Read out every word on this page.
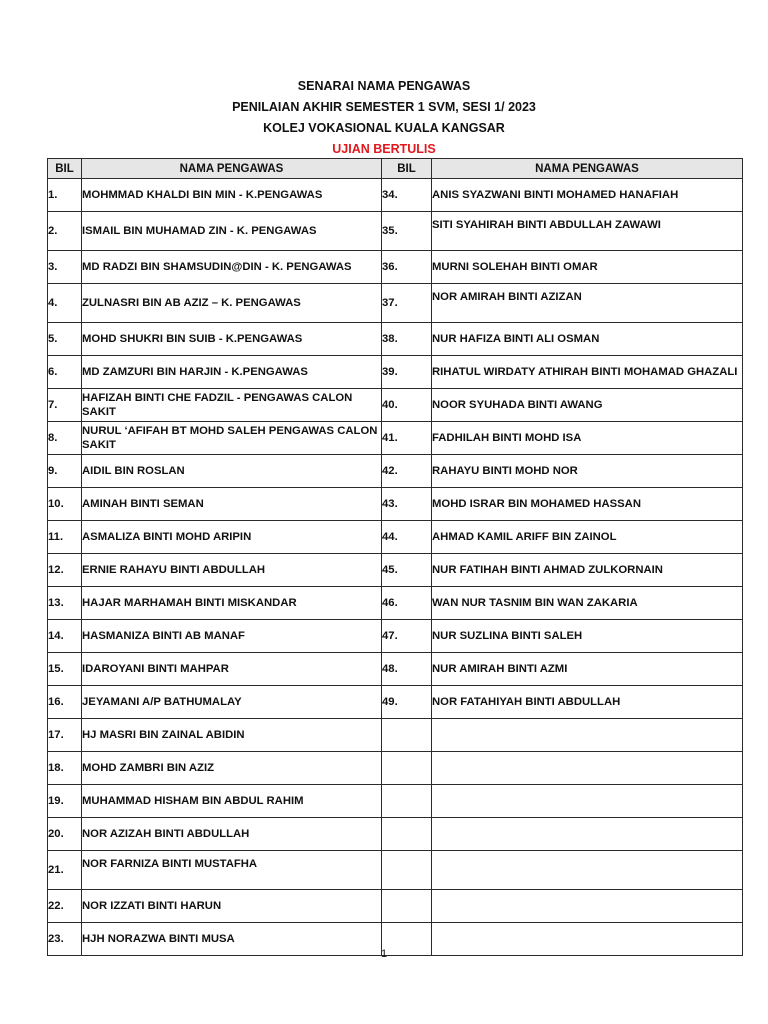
SENARAI NAMA PENGAWAS
PENILAIAN AKHIR SEMESTER 1 SVM, SESI 1/ 2023
KOLEJ VOKASIONAL KUALA KANGSAR
UJIAN BERTULIS
BIL	NAMA PENGAWAS	BIL	NAMA PENGAWAS
1.	MOHMMAD KHALDI BIN MIN - K.PENGAWAS	34.	ANIS SYAZWANI BINTI MOHAMED HANAFIAH
2.	ISMAIL BIN MUHAMAD ZIN - K. PENGAWAS	35.	SITI SYAHIRAH BINTI ABDULLAH ZAWAWI
3.	MD RADZI BIN SHAMSUDIN@DIN - K. PENGAWAS	36.	MURNI SOLEHAH BINTI OMAR
4.	ZULNASRI BIN AB AZIZ – K. PENGAWAS	37.	NOR AMIRAH BINTI AZIZAN
5.	MOHD SHUKRI BIN SUIB - K.PENGAWAS	38.	NUR HAFIZA BINTI ALI OSMAN
6.	MD ZAMZURI BIN HARJIN - K.PENGAWAS	39.	RIHATUL WIRDATY ATHIRAH BINTI MOHAMAD GHAZALI
7.	HAFIZAH BINTI CHE FADZIL - PENGAWAS CALON SAKIT	40.	NOOR SYUHADA BINTI AWANG
8.	NURUL ‘AFIFAH BT MOHD SALEH PENGAWAS CALON SAKIT	41.	FADHILAH BINTI MOHD ISA
9.	AIDIL BIN ROSLAN	42.	RAHAYU BINTI MOHD NOR
10.	AMINAH BINTI SEMAN	43.	MOHD ISRAR BIN MOHAMED HASSAN
11.	ASMALIZA BINTI MOHD ARIPIN	44.	AHMAD KAMIL ARIFF BIN ZAINOL
12.	ERNIE RAHAYU BINTI ABDULLAH	45.	NUR FATIHAH BINTI AHMAD ZULKORNAIN
13.	HAJAR MARHAMAH BINTI MISKANDAR	46.	WAN NUR TASNIM BIN WAN ZAKARIA
14.	HASMANIZA BINTI AB MANAF	47.	NUR SUZLINA BINTI SALEH
15.	IDAROYANI BINTI MAHPAR	48.	NUR AMIRAH BINTI AZMI
16.	JEYAMANI A/P BATHUMALAY	49.	NOR FATAHIYAH BINTI ABDULLAH
17.	HJ MASRI BIN ZAINAL ABIDIN		
18.	MOHD ZAMBRI BIN AZIZ		
19.	MUHAMMAD HISHAM BIN ABDUL RAHIM		
20.	NOR AZIZAH BINTI ABDULLAH		
21.	NOR FARNIZA BINTI MUSTAFHA		
22.	NOR IZZATI BINTI HARUN		
23.	HJH NORAZWA BINTI MUSA		
1
